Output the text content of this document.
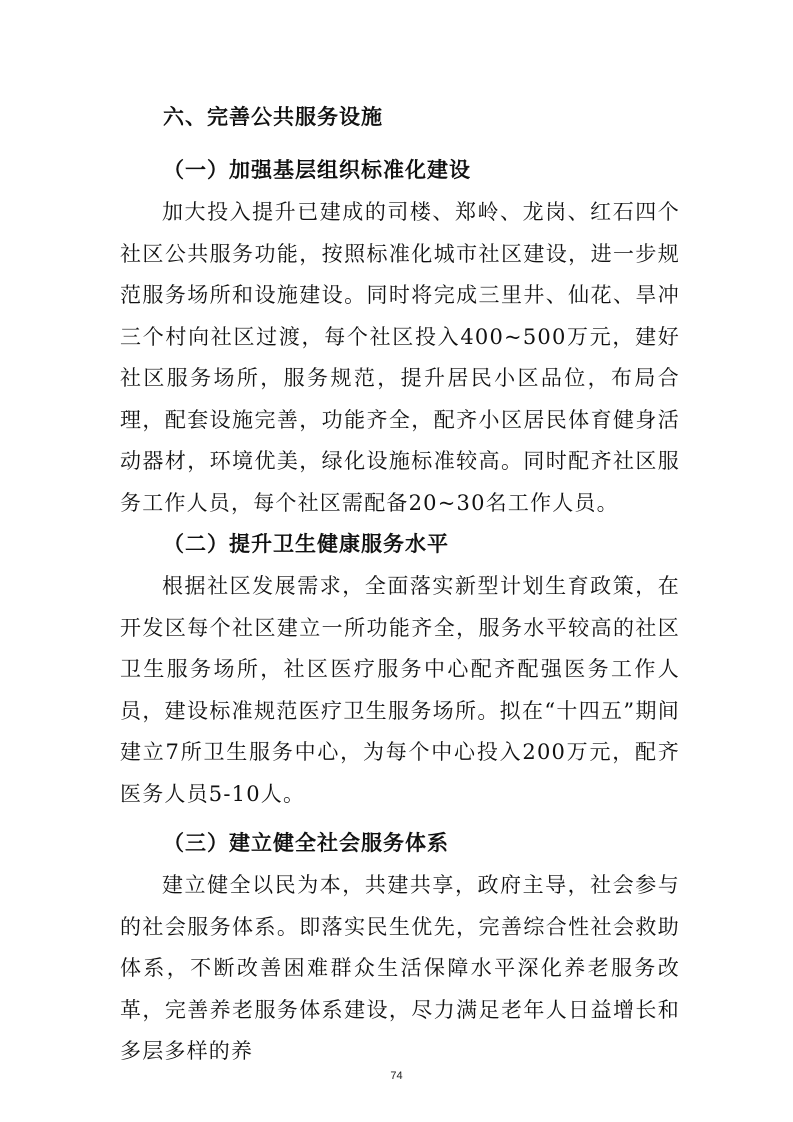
六、完善公共服务设施
（一）加强基层组织标准化建设

加大投入提升已建成的司楼、郑岭、龙岗、红石四个社区公共服务功能，按照标准化城市社区建设，进一步规范服务场所和设施建设。同时将完成三里井、仙花、旱冲三个村向社区过渡，每个社区投入400~500万元，建好社区服务场所，服务规范，提升居民小区品位，布局合理，配套设施完善，功能齐全，配齐小区居民体育健身活动器材，环境优美，绿化设施标准较高。同时配齐社区服务工作人员，每个社区需配备20~30名工作人员。

（二）提升卫生健康服务水平

根据社区发展需求，全面落实新型计划生育政策，在开发区每个社区建立一所功能齐全，服务水平较高的社区卫生服务场所，社区医疗服务中心配齐配强医务工作人员，建设标准规范医疗卫生服务场所。拟在“十四五”期间建立7所卫生服务中心，为每个中心投入200万元，配齐医务人员5-10人。

（三）建立健全社会服务体系

建立健全以民为本，共建共享，政府主导，社会参与的社会服务体系。即落实民生优先，完善综合性社会救助体系，不断改善困难群众生活保障水平深化养老服务改革，完善养老服务体系建设，尽力满足老年人日益增长和多层多样的养

74
